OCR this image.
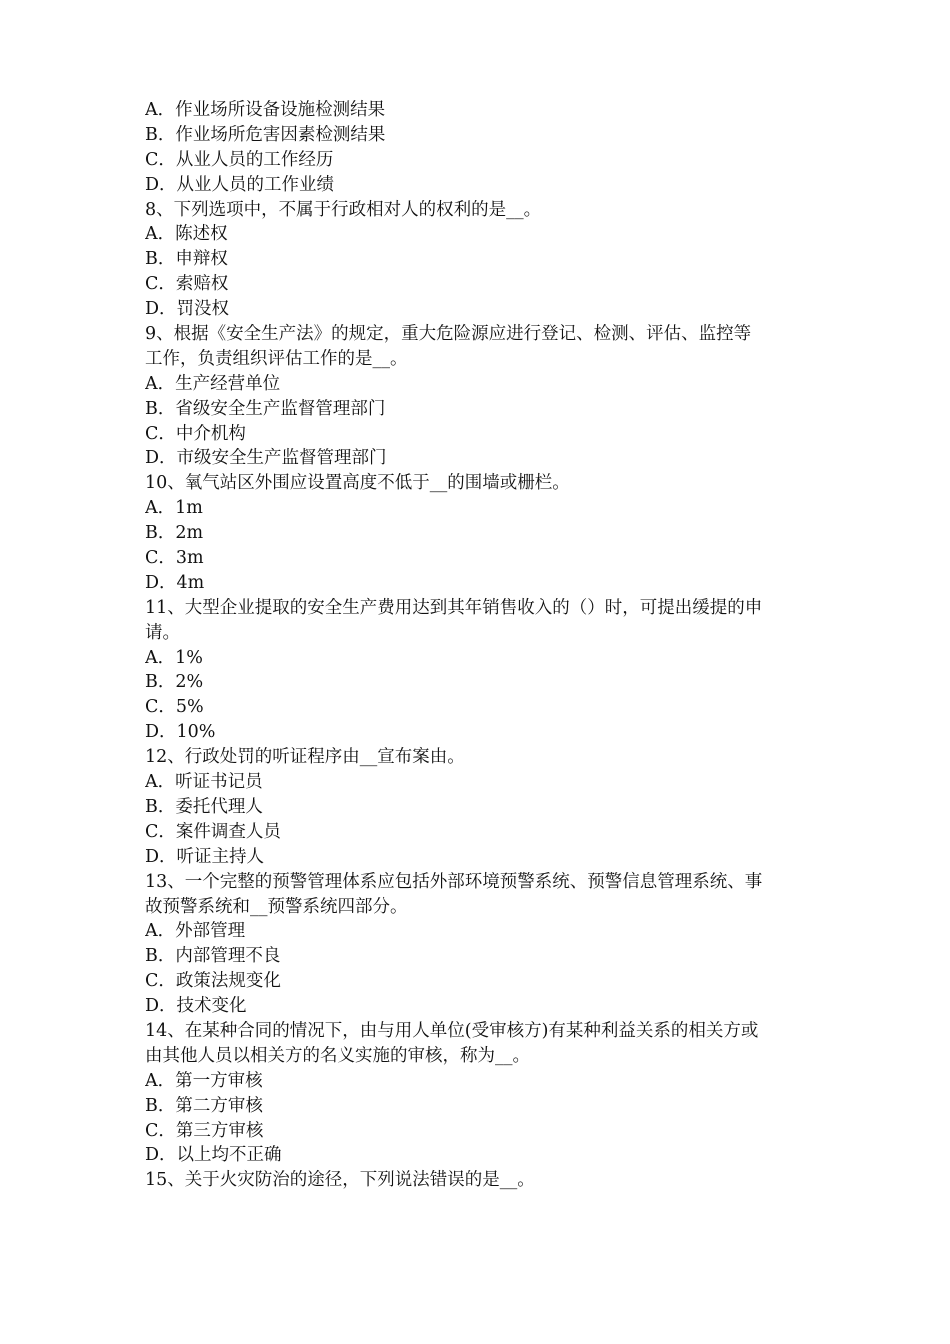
A．作业场所设备设施检测结果
B．作业场所危害因素检测结果
C．从业人员的工作经历
D．从业人员的工作业绩
8、下列选项中，不属于行政相对人的权利的是__。
A．陈述权
B．申辩权
C．索赔权
D．罚没权
9、根据《安全生产法》的规定，重大危险源应进行登记、检测、评估、监控等
工作，负责组织评估工作的是__。
A．生产经营单位
B．省级安全生产监督管理部门
C．中介机构
D．市级安全生产监督管理部门
10、氧气站区外围应设置高度不低于__的围墙或栅栏。
A．1m
B．2m
C．3m
D．4m
11、大型企业提取的安全生产费用达到其年销售收入的（）时，可提出缓提的申
请。
A．1%
B．2%
C．5%
D．10%
12、行政处罚的听证程序由__宣布案由。
A．听证书记员
B．委托代理人
C．案件调查人员
D．听证主持人
13、一个完整的预警管理体系应包括外部环境预警系统、预警信息管理系统、事
故预警系统和__预警系统四部分。
A．外部管理
B．内部管理不良
C．政策法规变化
D．技术变化
14、在某种合同的情况下，由与用人单位(受审核方)有某种利益关系的相关方或
由其他人员以相关方的名义实施的审核，称为__。
A．第一方审核
B．第二方审核
C．第三方审核
D．以上均不正确
15、关于火灾防治的途径，下列说法错误的是__。
